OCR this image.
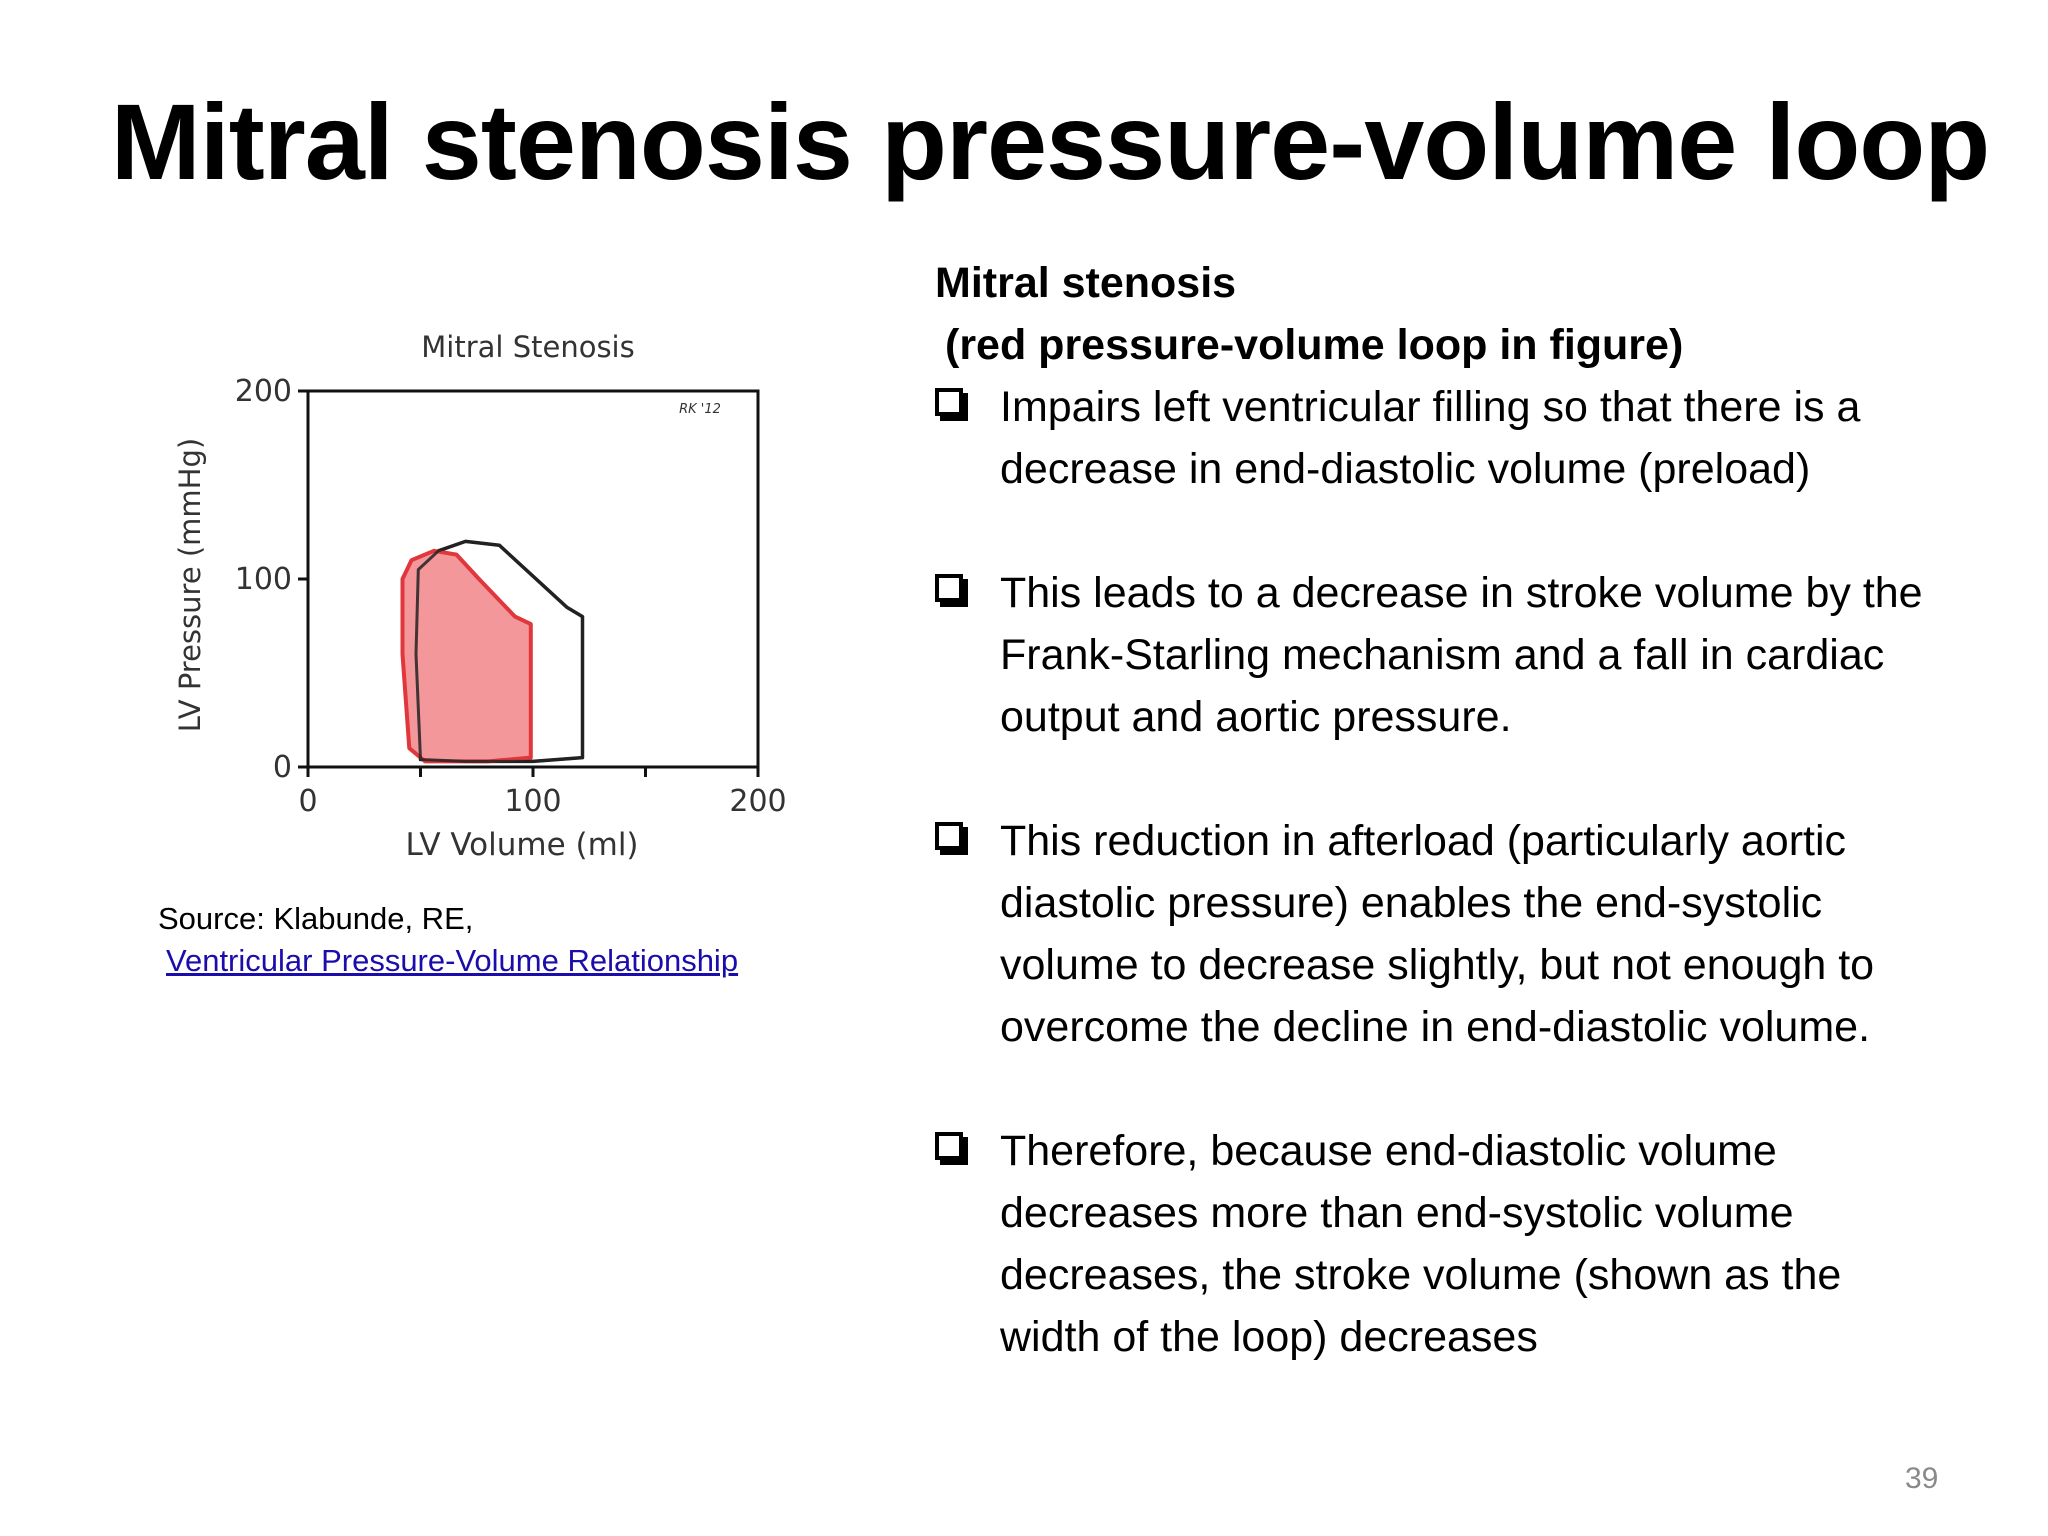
Mitral stenosis pressure-volume loop
Mitral Stenosis
RK '12
LV Volume (ml)
LV Pressure (mmHg)
0	100	200
0
100
200
Source: Klabunde, RE,
Ventricular Pressure-Volume Relationship
Mitral stenosis
(red pressure-volume loop in figure)
Impairs left ventricular filling so that there is a decrease in end-diastolic volume (preload)
This leads to a decrease in stroke volume by the Frank-Starling mechanism and a fall in cardiac output and aortic pressure.
This reduction in afterload (particularly aortic diastolic pressure) enables the end-systolic volume to decrease slightly, but not enough to overcome the decline in end-diastolic volume.
Therefore, because end-diastolic volume decreases more than end-systolic volume decreases, the stroke volume (shown as the width of the loop) decreases
39
